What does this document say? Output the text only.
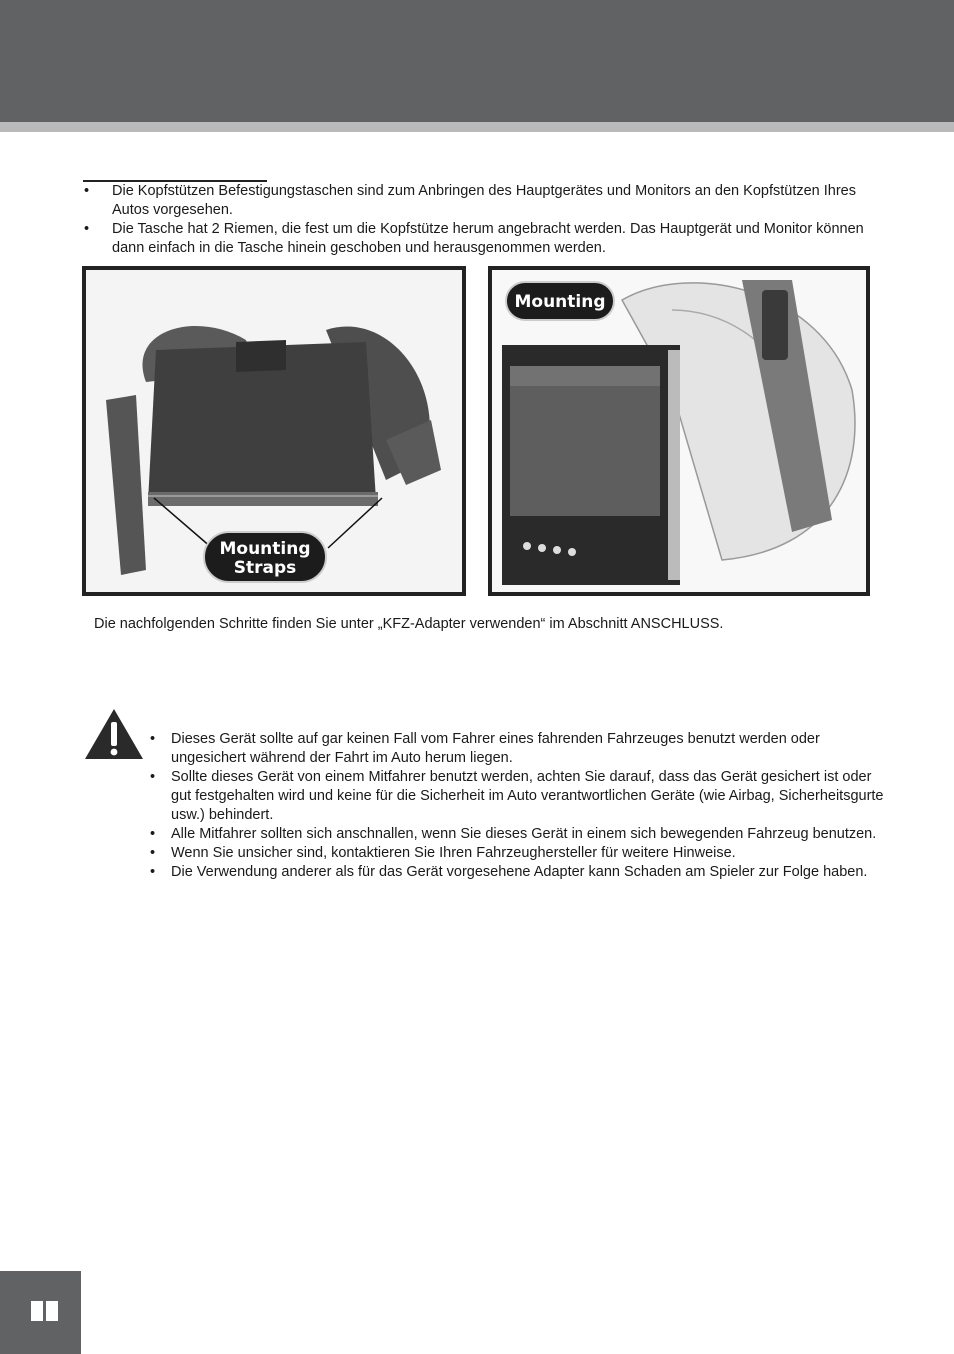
• Die Kopfstützen Befestigungstaschen sind zum Anbringen des Hauptgerätes und Monitors an den Kopfstützen Ihres Autos vorgesehen.
• Die Tasche hat 2 Riemen, die fest um die Kopfstütze herum angebracht werden. Das Hauptgerät und Monitor können dann einfach in die Tasche hinein geschoben und herausgenommen werden.
Mounting
Straps
Mounting
Die nachfolgenden Schritte finden Sie unter „KFZ-Adapter verwenden“ im Abschnitt ANSCHLUSS.
• Dieses Gerät sollte auf gar keinen Fall vom Fahrer eines fahrenden Fahrzeuges benutzt werden oder ungesichert während der Fahrt im Auto herum liegen.
• Sollte dieses Gerät von einem Mitfahrer benutzt werden, achten Sie darauf, dass das Gerät gesichert ist oder gut festgehalten wird und keine für die Sicherheit im Auto verantwortlichen Geräte (wie Airbag, Sicherheitsgurte usw.) behindert.
• Alle Mitfahrer sollten sich anschnallen, wenn Sie dieses Gerät in einem sich bewegenden Fahrzeug benutzen.
• Wenn Sie unsicher sind, kontaktieren Sie Ihren Fahrzeughersteller für weitere Hinweise.
• Die Verwendung anderer als für das Gerät vorgesehene Adapter kann Schaden am Spieler zur Folge haben.
